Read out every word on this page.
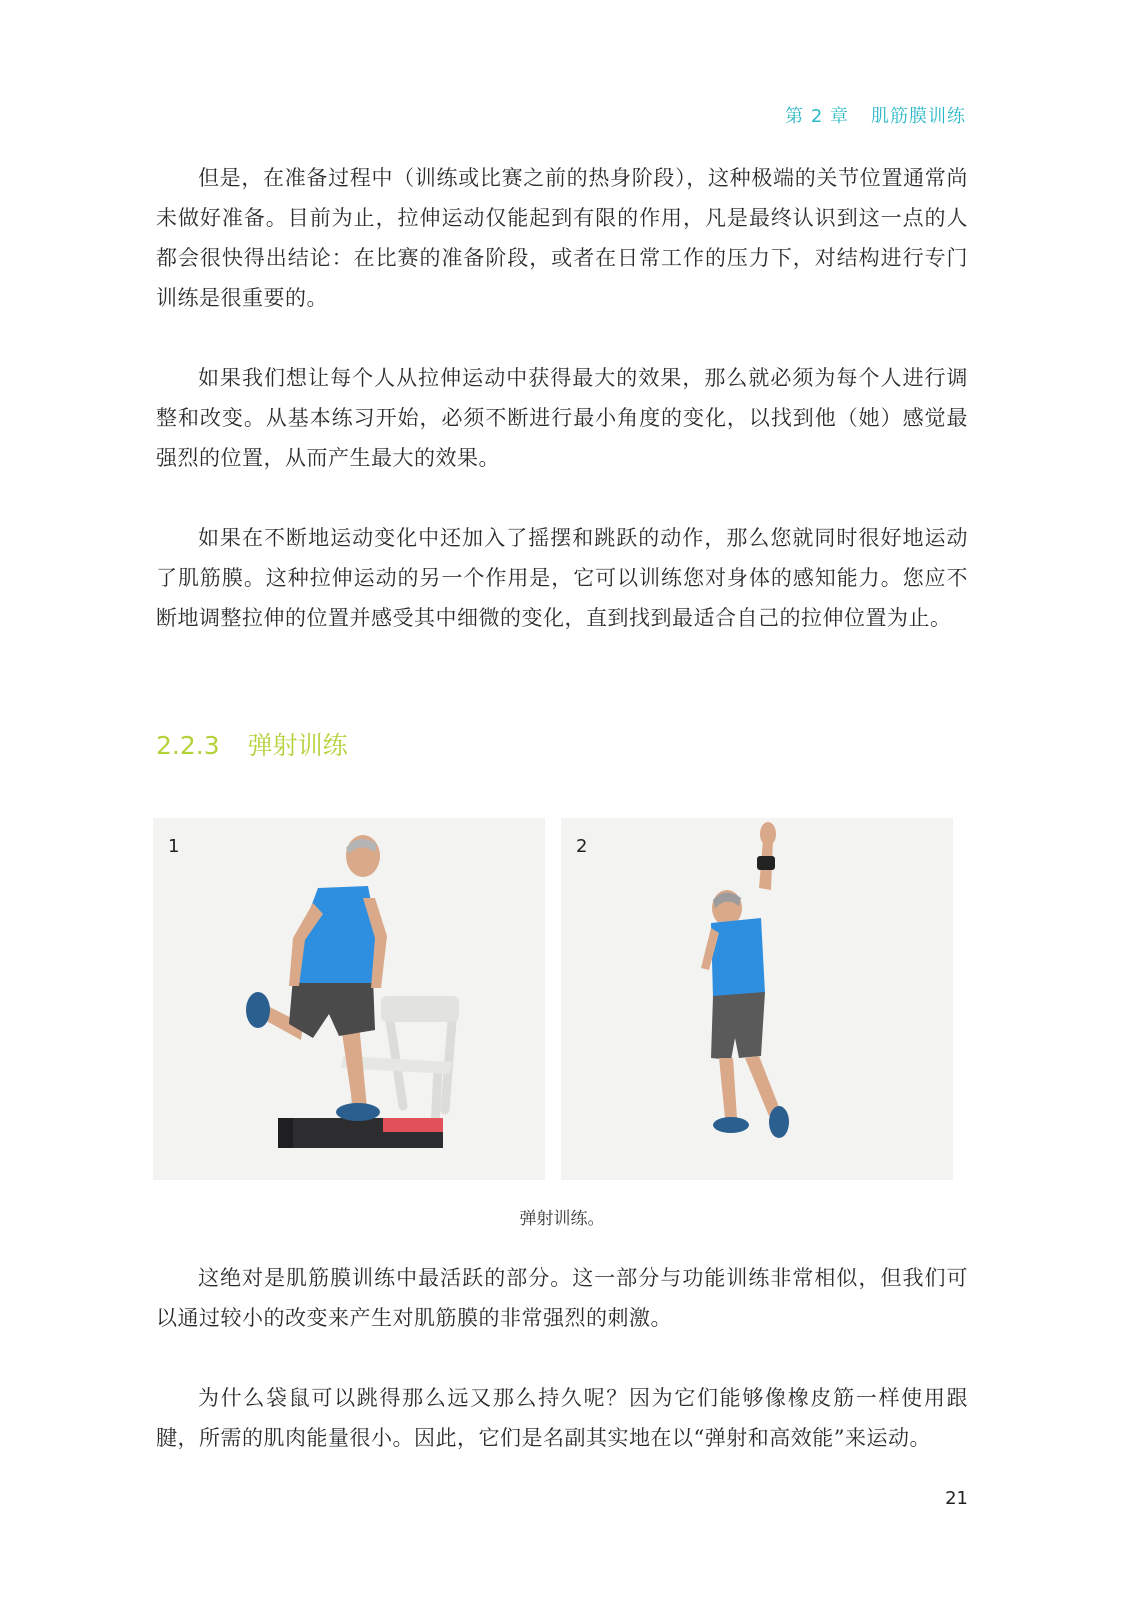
第 2 章 肌筋膜训练

但是，在准备过程中（训练或比赛之前的热身阶段），这种极端的关节位置通常尚未做好准备。目前为止，拉伸运动仅能起到有限的作用，凡是最终认识到这一点的人都会很快得出结论：在比赛的准备阶段，或者在日常工作的压力下，对结构进行专门训练是很重要的。

如果我们想让每个人从拉伸运动中获得最大的效果，那么就必须为每个人进行调整和改变。从基本练习开始，必须不断进行最小角度的变化，以找到他（她）感觉最强烈的位置，从而产生最大的效果。

如果在不断地运动变化中还加入了摇摆和跳跃的动作，那么您就同时很好地运动了肌筋膜。这种拉伸运动的另一个作用是，它可以训练您对身体的感知能力。您应不断地调整拉伸的位置并感受其中细微的变化，直到找到最适合自己的拉伸位置为止。

2.2.3 弹射训练
1	2
弹射训练。

这绝对是肌筋膜训练中最活跃的部分。这一部分与功能训练非常相似，但我们可以通过较小的改变来产生对肌筋膜的非常强烈的刺激。

为什么袋鼠可以跳得那么远又那么持久呢？因为它们能够像橡皮筋一样使用跟腱，所需的肌肉能量很小。因此，它们是名副其实地在以“弹射和高效能”来运动。

21
